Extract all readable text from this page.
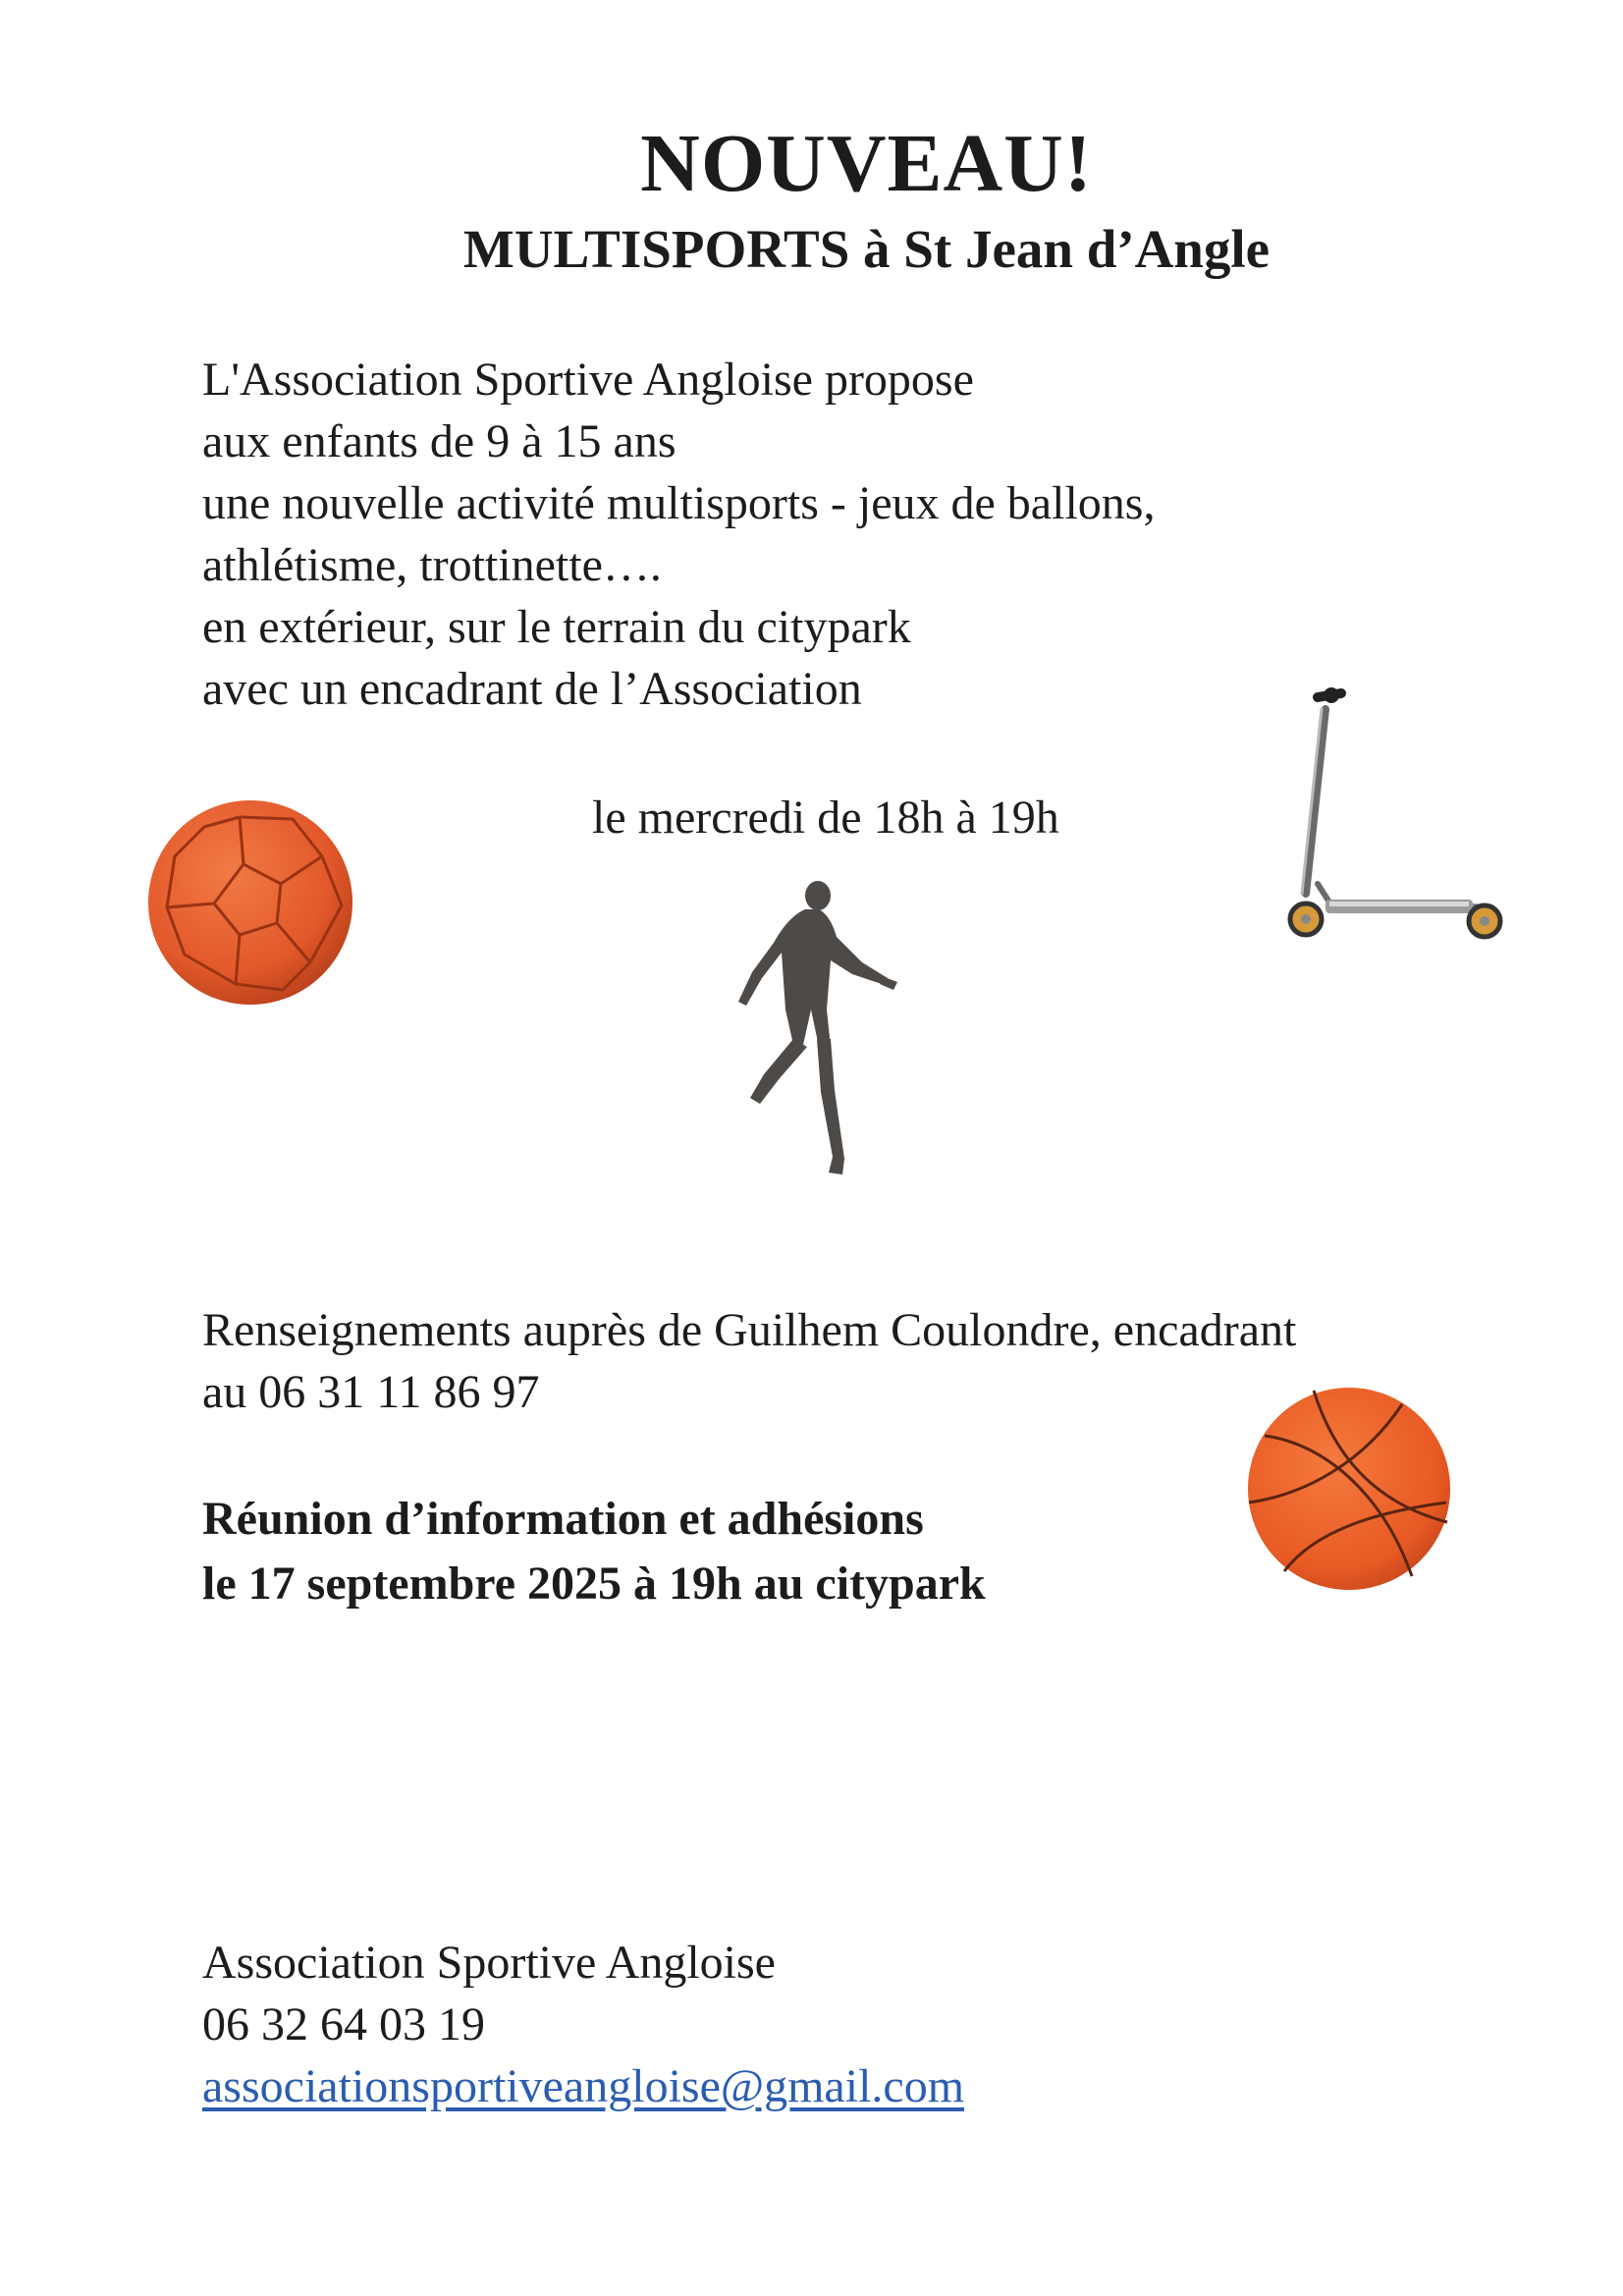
NOUVEAU!
MULTISPORTS à St Jean d’Angle
L'Association Sportive Angloise propose
aux enfants de 9 à 15 ans
une nouvelle activité multisports - jeux de ballons,
athlétisme, trottinette….
en extérieur, sur le terrain du citypark
avec un encadrant de l’Association
le mercredi de 18h à 19h
Renseignements auprès de Guilhem Coulondre, encadrant
au 06 31 11 86 97
Réunion d’information et adhésions
le 17 septembre 2025 à 19h au citypark
Association Sportive Angloise
06 32 64 03 19
associationsportiveangloise@gmail.com
